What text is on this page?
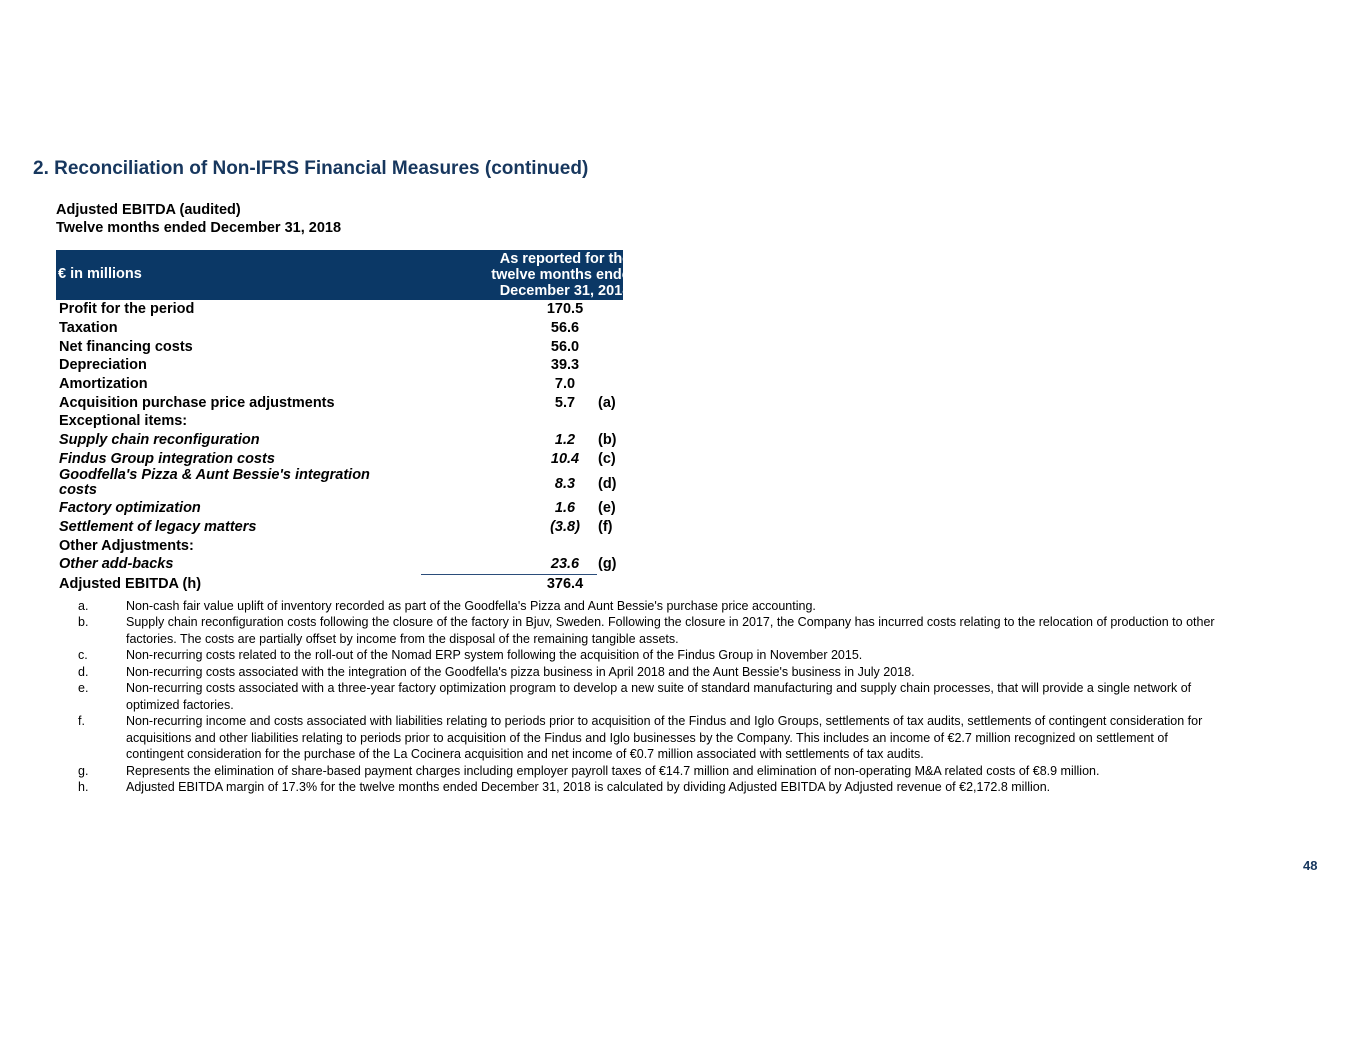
2. Reconciliation of Non-IFRS Financial Measures (continued)
Adjusted EBITDA (audited)
Twelve months ended December 31, 2018
€ in millions
As reported for the
twelve months ended
December 31, 2018
Profit for the period	170.5
Taxation	56.6
Net financing costs	56.0
Depreciation	39.3
Amortization	7.0
Acquisition purchase price adjustments	5.7	(a)
Exceptional items:
Supply chain reconfiguration	1.2	(b)
Findus Group integration costs	10.4	(c)
Goodfella's Pizza & Aunt Bessie's integration costs	8.3	(d)
Factory optimization	1.6	(e)
Settlement of legacy matters	(3.8)	(f)
Other Adjustments:
Other add-backs	23.6	(g)
Adjusted EBITDA (h)	376.4
a.	Non-cash fair value uplift of inventory recorded as part of the Goodfella's Pizza and Aunt Bessie's purchase price accounting.
b.	Supply chain reconfiguration costs following the closure of the factory in Bjuv, Sweden. Following the closure in 2017, the Company has incurred costs relating to the relocation of production to other factories. The costs are partially offset by income from the disposal of the remaining tangible assets.
c.	Non-recurring costs related to the roll-out of the Nomad ERP system following the acquisition of the Findus Group in November 2015.
d.	Non-recurring costs associated with the integration of the Goodfella's pizza business in April 2018 and the Aunt Bessie's business in July 2018.
e.	Non-recurring costs associated with a three-year factory optimization program to develop a new suite of standard manufacturing and supply chain processes, that will provide a single network of optimized factories.
f.	Non-recurring income and costs associated with liabilities relating to periods prior to acquisition of the Findus and Iglo Groups, settlements of tax audits, settlements of contingent consideration for acquisitions and other liabilities relating to periods prior to acquisition of the Findus and Iglo businesses by the Company. This includes an income of €2.7 million recognized on settlement of contingent consideration for the purchase of the La Cocinera acquisition and net income of €0.7 million associated with settlements of tax audits.
g.	Represents the elimination of share-based payment charges including employer payroll taxes of €14.7 million and elimination of non-operating M&A related costs of €8.9 million.
h.	Adjusted EBITDA margin of 17.3% for the twelve months ended December 31, 2018 is calculated by dividing Adjusted EBITDA by Adjusted revenue of €2,172.8 million.
48
